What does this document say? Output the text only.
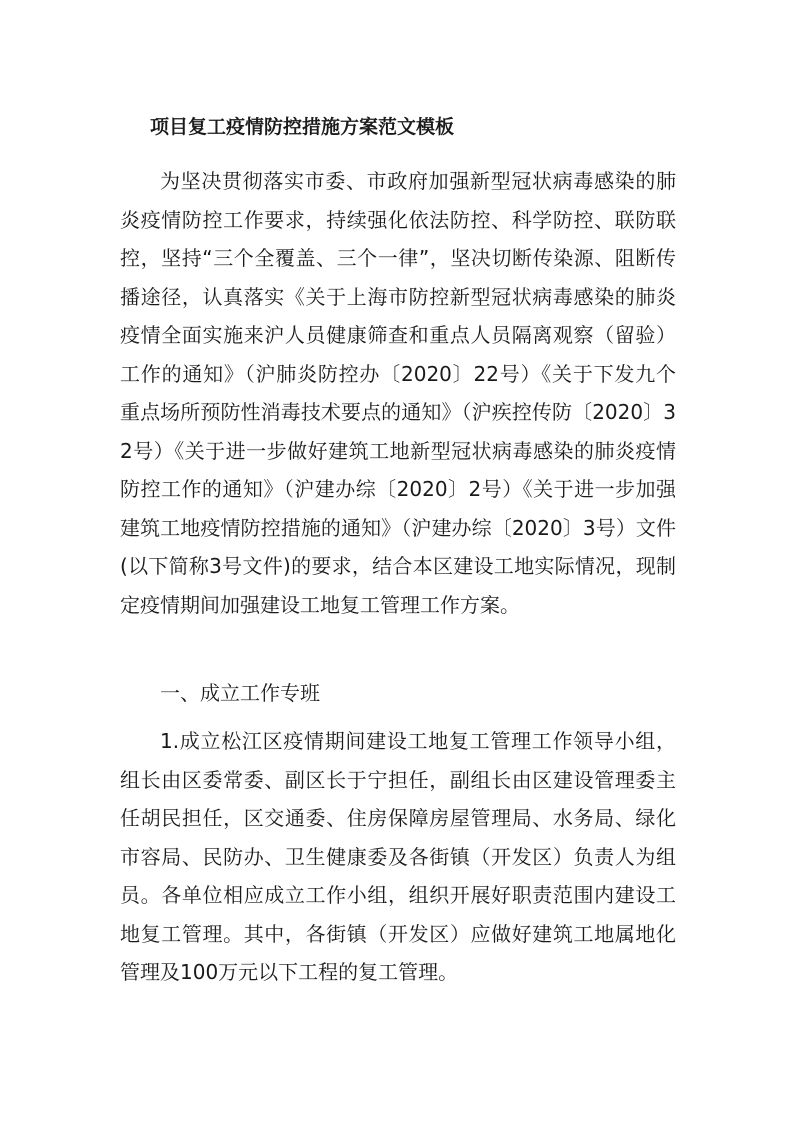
项目复工疫情防控措施方案范文模板

为坚决贯彻落实市委、市政府加强新型冠状病毒感染的肺炎疫情防控工作要求，持续强化依法防控、科学防控、联防联控，坚持“三个全覆盖、三个一律”，坚决切断传染源、阻断传播途径，认真落实《关于上海市防控新型冠状病毒感染的肺炎疫情全面实施来沪人员健康筛查和重点人员隔离观察（留验）工作的通知》（沪肺炎防控办〔2020〕22号）《关于下发九个重点场所预防性消毒技术要点的通知》（沪疾控传防〔2020〕32号）《关于进一步做好建筑工地新型冠状病毒感染的肺炎疫情防控工作的通知》（沪建办综〔2020〕2号）《关于进一步加强建筑工地疫情防控措施的通知》（沪建办综〔2020〕3号）文件(以下简称3号文件)的要求，结合本区建设工地实际情况，现制定疫情期间加强建设工地复工管理工作方案。

一、成立工作专班

1.成立松江区疫情期间建设工地复工管理工作领导小组，组长由区委常委、副区长于宁担任，副组长由区建设管理委主任胡民担任，区交通委、住房保障房屋管理局、水务局、绿化市容局、民防办、卫生健康委及各街镇（开发区）负责人为组员。各单位相应成立工作小组，组织开展好职责范围内建设工地复工管理。其中，各街镇（开发区）应做好建筑工地属地化管理及100万元以下工程的复工管理。
